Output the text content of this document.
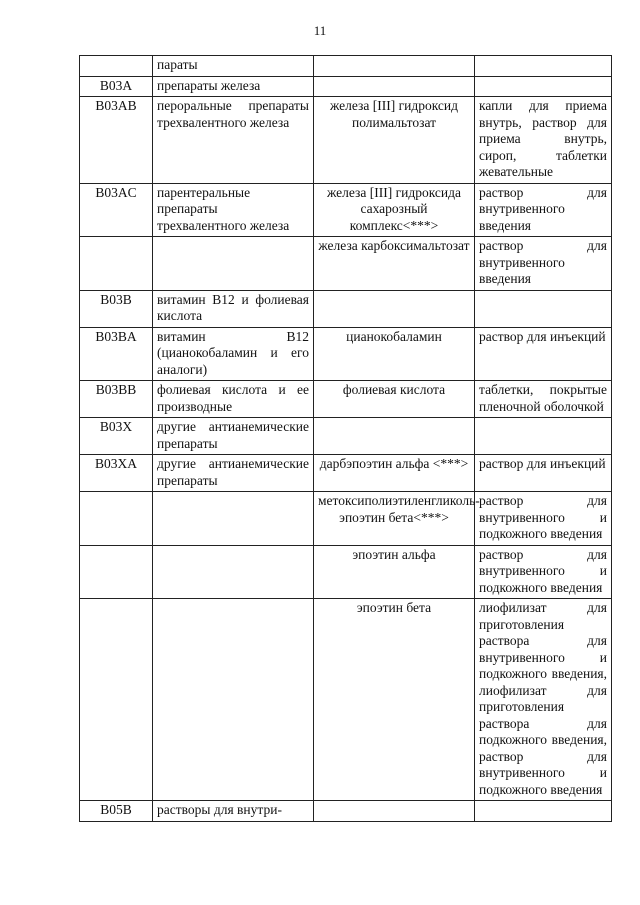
11
	параты		
B03A	препараты железа		
B03AB	пероральные препараты трехвалентного железа	железа [III] гидроксид полимальтозат	капли для приема внутрь, раствор для приема внутрь, сироп, таблетки жевательные
B03AC	парентеральные препараты трехвалентного железа	железа [III] гидроксида сахарозный комплекс<***>	раствор для внутривенного введения
		железа карбоксимальтозат	раствор для внутривенного введения
B03B	витамин B12 и фолиевая кислота		
B03BA	витамин B12 (цианокобаламин и его аналоги)	цианокобаламин	раствор для инъекций
B03BB	фолиевая кислота и ее производные	фолиевая кислота	таблетки, покрытые пленочной оболочкой
B03X	другие антианемические препараты		
B03XA	другие антианемические препараты	дарбэпоэтин альфа <***>	раствор для инъекций
		метоксиполиэтиленгликоль-эпоэтин бета<***>	раствор для внутривенного и подкожного введения
		эпоэтин альфа	раствор для внутривенного и подкожного введения
		эпоэтин бета	лиофилизат для приготовления раствора для внутривенного и подкожного введения, лиофилизат для приготовления раствора для подкожного введения, раствор для внутривенного и подкожного введения
B05B	растворы для внутри-		
